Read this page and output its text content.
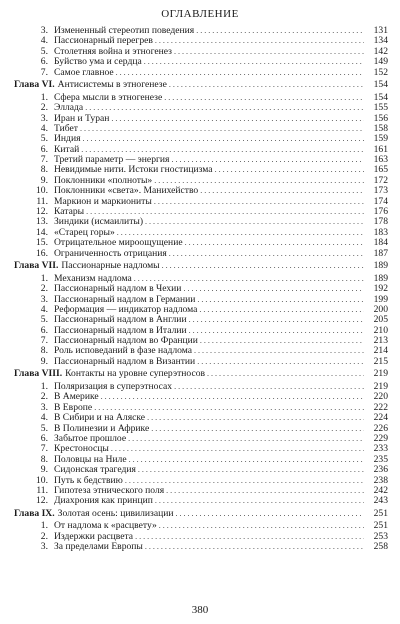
ОГЛАВЛЕНИЕ
3. Измененный стереотип поведения . . .	131
4. Пассионарный перегрев . . .	134
5. Столетняя война и этногенез . . .	142
6. Буйство ума и сердца . . .	149
7. Самое главное . . .	152
Глава VI. Антисистемы в этногенезе . . .	154
1. Сфера мысли в этногенезе . . .	154
2. Эллада . . .	155
3. Иран и Туран . . .	156
4. Тибет . . .	158
5. Индия . . .	159
6. Китай . . .	161
7. Третий параметр — энергия . . .	163
8. Невидимые нити. Истоки гностицизма . . .	165
9. Поклонники «полноты» . . .	172
10. Поклонники «света». Манихейство . . .	173
11. Маркион и маркиониты . . .	174
12. Катары . . .	176
13. Зиндики (исмаилиты) . . .	178
14. «Старец горы» . . .	183
15. Отрицательное мироощущение . . .	184
16. Ограниченность отрицания . . .	187
Глава VII. Пассионарные надломы . . .	189
1. Механизм надлома . . .	189
2. Пассионарный надлом в Чехии . . .	192
3. Пассионарный надлом в Германии . . .	199
4. Реформация — индикатор надлома . . .	200
5. Пассионарный надлом в Англии . . .	205
6. Пассионарный надлом в Италии . . .	210
7. Пассионарный надлом во Франции . . .	213
8. Роль исповеданий в фазе надлома . . .	214
9. Пассионарный надлом в Византии . . .	215
Глава VIII. Контакты на уровне суперэтносов . . .	219
1. Поляризация в суперэтносах . . .	219
2. В Америке . . .	220
3. В Европе . . .	222
4. В Сибири и на Аляске . . .	224
5. В Полинезии и Африке . . .	226
6. Забытое прошлое . . .	229
7. Крестоносцы . . .	233
8. Половцы на Ниле . . .	235
9. Сидонская трагедия . . .	236
10. Путь к бедствию . . .	238
11. Гипотеза этнического поля . . .	242
12. Диахрония как принцип . . .	243
Глава IX. Золотая осень: цивилизации . . .	251
1. От надлома к «расцвету» . . .	251
2. Издержки расцвета . . .	253
3. За пределами Европы . . .	258
380
